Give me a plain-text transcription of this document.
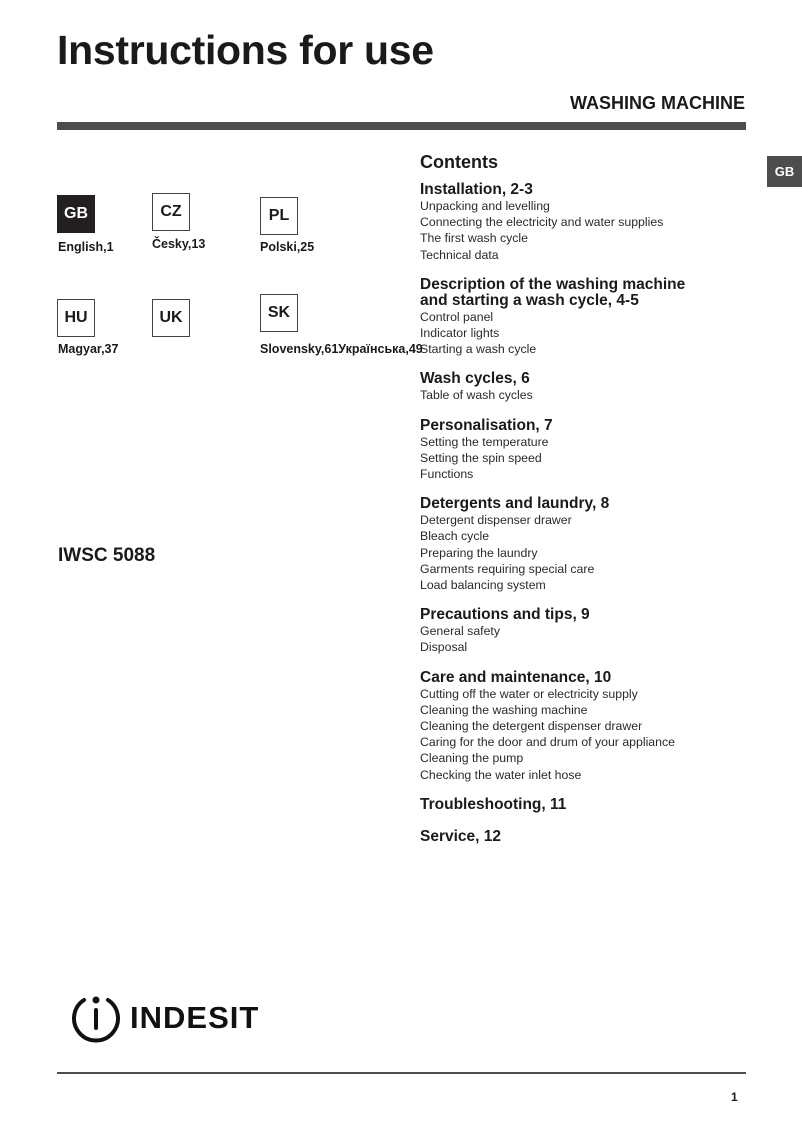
Instructions for use
WASHING MACHINE
GB
GB
English,1
CZ
Česky,13
PL
Polski,25
HU
Magyar,37
UK	SK
Slovensky,61Українська,49
IWSC 5088
Contents
Installation, 2-3
Unpacking and levelling
Connecting the electricity and water supplies
The first wash cycle
Technical data
Description of the washing machine
and starting a wash cycle, 4-5
Control panel
Indicator lights
Starting a wash cycle
Wash cycles, 6
Table of wash cycles
Personalisation, 7
Setting the temperature
Setting the spin speed
Functions
Detergents and laundry, 8
Detergent dispenser drawer
Bleach cycle
Preparing the laundry
Garments requiring special care
Load balancing system
Precautions and tips, 9
General safety
Disposal
Care and maintenance, 10
Cutting off the water or electricity supply
Cleaning the washing machine
Cleaning the detergent dispenser drawer
Caring for the door and drum of your appliance
Cleaning the pump
Checking the water inlet hose
Troubleshooting, 11
Service, 12
INDESIT
1
